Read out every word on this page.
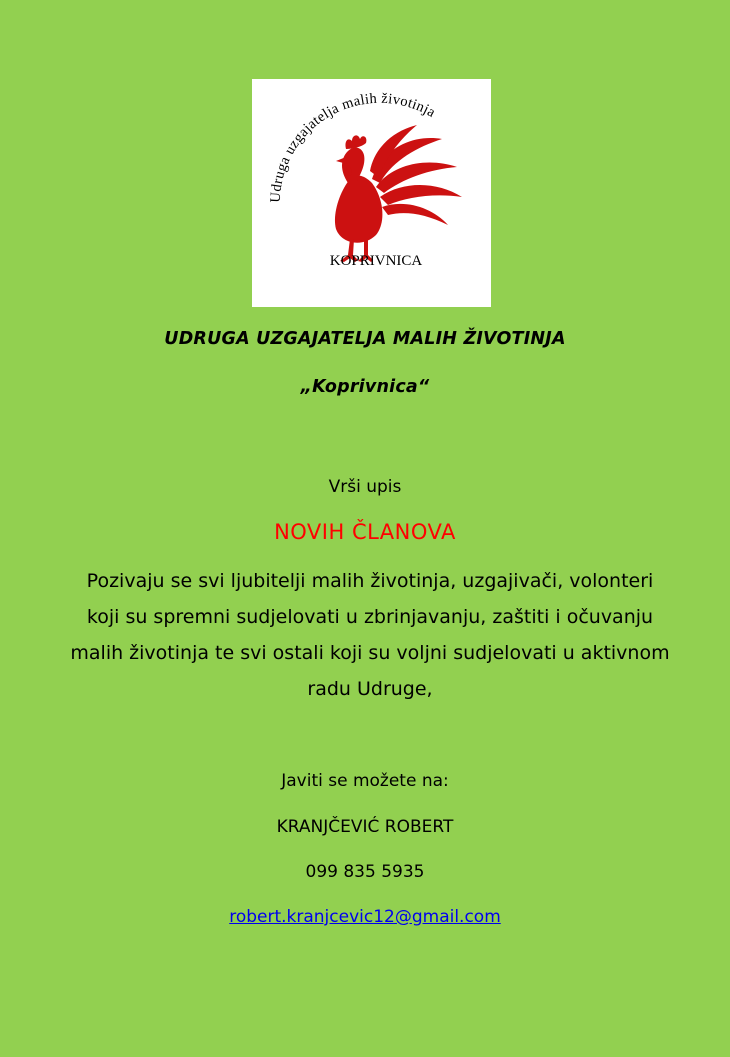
Udruga uzgajatelja malih životinja
KOPRIVNICA
UDRUGA UZGAJATELJA MALIH ŽIVOTINJA
„Koprivnica“
Vrši upis
NOVIH ČLANOVA
Pozivaju se svi ljubitelji malih životinja, uzgajivači, volonteri koji su spremni sudjelovati u zbrinjavanju, zaštiti i očuvanju malih životinja te svi ostali koji su voljni sudjelovati u aktivnom radu Udruge,
Javiti se možete na:
KRANJČEVIĆ ROBERT
099 835 5935
robert.kranjcevic12@gmail.com
